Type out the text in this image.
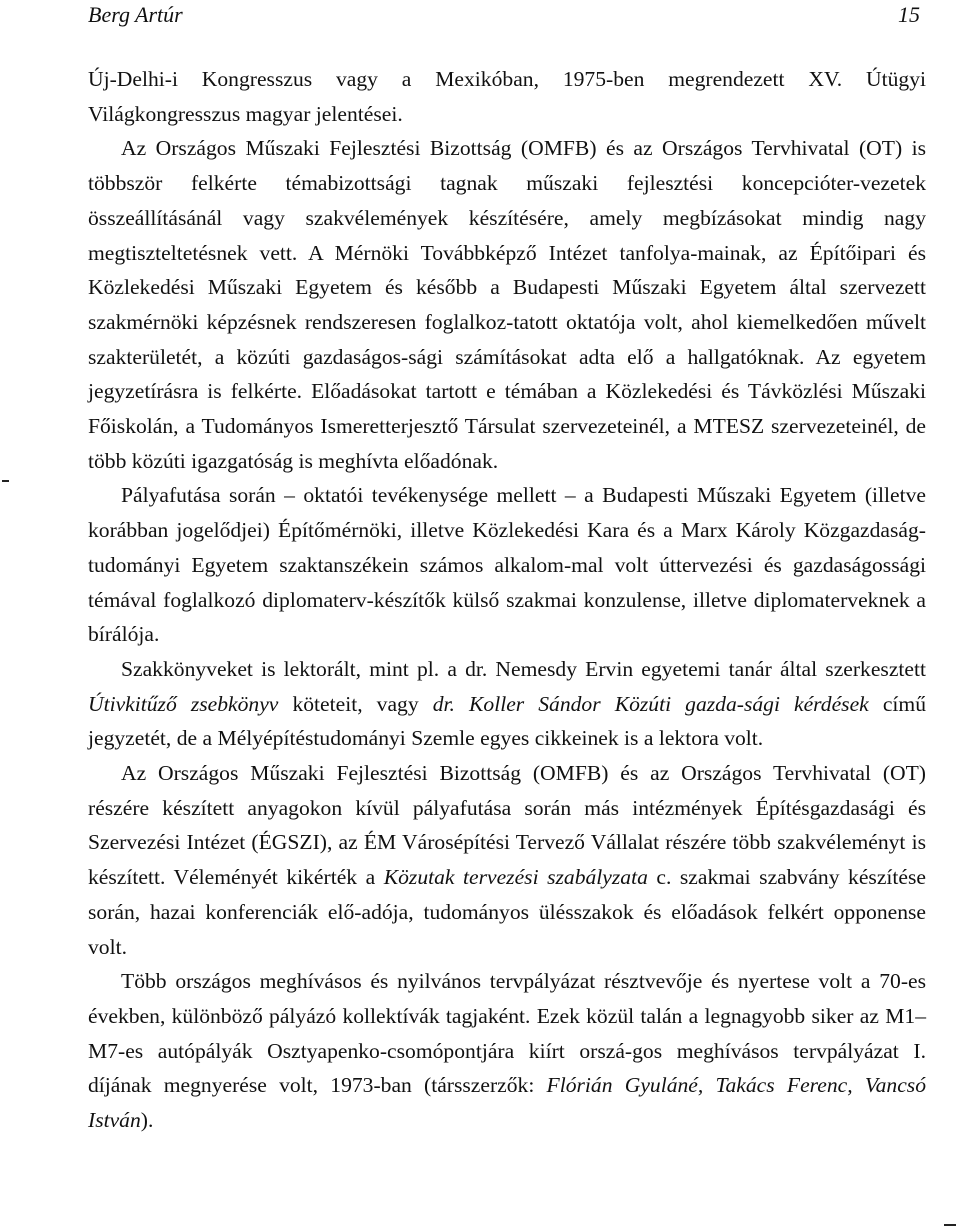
Berg Artúr	15

Új-Delhi-i Kongresszus vagy a Mexikóban, 1975-ben megrendezett XV. Útügyi Világkongresszus magyar jelentései.

Az Országos Műszaki Fejlesztési Bizottság (OMFB) és az Országos Tervhivatal (OT) is többször felkérte témabizottsági tagnak műszaki fejlesztési koncepcióter-vezetek összeállításánál vagy szakvélemények készítésére, amely megbízásokat mindig nagy megtiszteltetésnek vett. A Mérnöki Továbbképző Intézet tanfolya-mainak, az Építőipari és Közlekedési Műszaki Egyetem és később a Budapesti Műszaki Egyetem által szervezett szakmérnöki képzésnek rendszeresen foglalkoz-tatott oktatója volt, ahol kiemelkedően művelt szakterületét, a közúti gazdaságos-sági számításokat adta elő a hallgatóknak. Az egyetem jegyzetírásra is felkérte. Előadásokat tartott e témában a Közlekedési és Távközlési Műszaki Főiskolán, a Tudományos Ismeretterjesztő Társulat szervezeteinél, a MTESZ szervezeteinél, de több közúti igazgatóság is meghívta előadónak.

Pályafutása során – oktatói tevékenysége mellett – a Budapesti Műszaki Egyetem (illetve korábban jogelődjei) Építőmérnöki, illetve Közlekedési Kara és a Marx Károly Közgazdaság-tudományi Egyetem szaktanszékein számos alkalom-mal volt úttervezési és gazdaságossági témával foglalkozó diplomaterv-készítők külső szakmai konzulense, illetve diplomaterveknek a bírálója.

Szakkönyveket is lektorált, mint pl. a dr. Nemesdy Ervin egyetemi tanár által szerkesztett Útivkitűző zsebkönyv köteteit, vagy dr. Koller Sándor Közúti gazda-sági kérdések című jegyzetét, de a Mélyépítéstudományi Szemle egyes cikkeinek is a lektora volt.

Az Országos Műszaki Fejlesztési Bizottság (OMFB) és az Országos Tervhivatal (OT) részére készített anyagokon kívül pályafutása során más intézmények Építésgazdasági és Szervezési Intézet (ÉGSZI), az ÉM Városépítési Tervező Vállalat részére több szakvéleményt is készített. Véleményét kikérték a Közutak tervezési szabályzata c. szakmai szabvány készítése során, hazai konferenciák elő-adója, tudományos ülésszakok és előadások felkért opponense volt.

Több országos meghívásos és nyilvános tervpályázat résztvevője és nyertese volt a 70-es években, különböző pályázó kollektívák tagjaként. Ezek közül talán a legnagyobb siker az M1–M7-es autópályák Osztyapenko-csomópontjára kiírt orszá-gos meghívásos tervpályázat I. díjának megnyerése volt, 1973-ban (társszerzők: Flórián Gyuláné, Takács Ferenc, Vancsó István).
